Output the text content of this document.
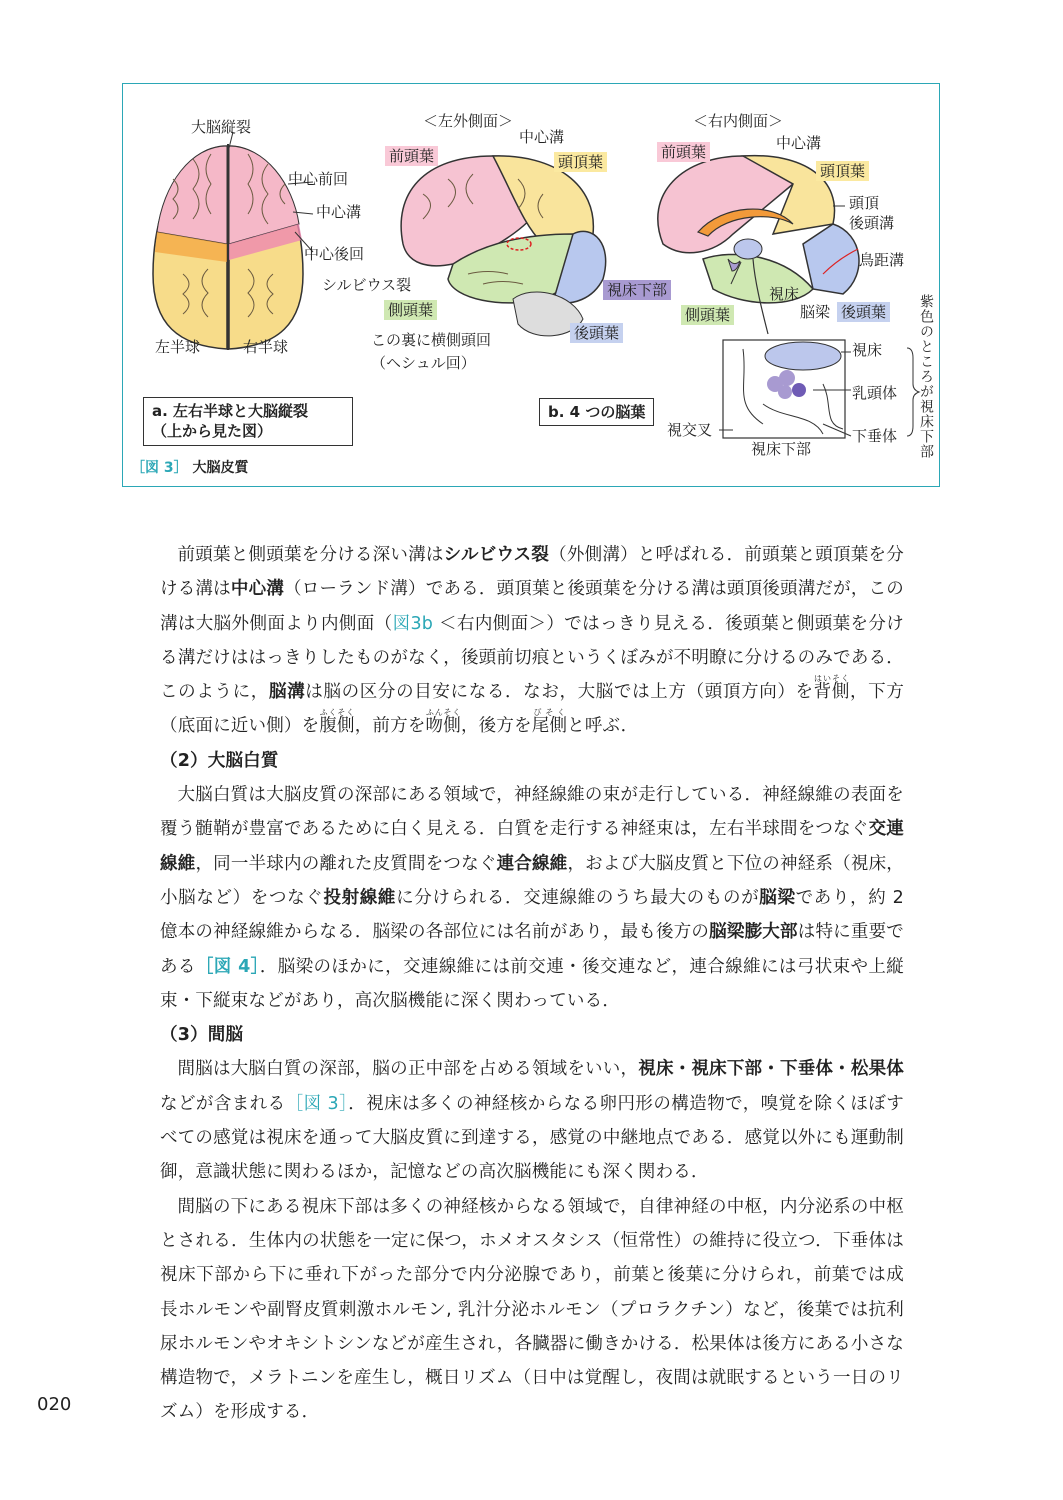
大脳縦裂
中心前回
中心溝
中心後回
左半球	右半球
a. 左右半球と大脳縦裂
（上から見た図）
＜左外側面＞
中心溝
前頭葉	頭頂葉
シルビウス裂
側頭葉
後頭葉
この裏に横側頭回
（ヘシュル回）
b. 4 つの脳葉
＜右内側面＞
前頭葉	中心溝
頭頂葉
頭頂
後頭溝
鳥距溝
視床下部	視床
側頭葉	脳梁 後頭葉
視床
乳頭体
下垂体
視交叉
視床下部	紫色のところが視床下部
［図 3］ 大脳皮質

前頭葉と側頭葉を分ける深い溝はシルビウス裂（外側溝）と呼ばれる．前頭葉と頭頂葉を分ける溝は中心溝（ローランド溝）である．頭頂葉と後頭葉を分ける溝は頭頂後頭溝だが，この溝は大脳外側面より内側面（図3b ＜右内側面＞）ではっきり見える．後頭葉と側頭葉を分ける溝だけははっきりしたものがなく，後頭前切痕というくぼみが不明瞭に分けるのみである．このように，脳溝は脳の区分の目安になる．なお，大脳では上方（頭頂方向）を背側はいそく，下方（底面に近い側）を腹側ふくそく，前方を吻側ふんそく，後方を尾側びそくと呼ぶ．

（2）大脳白質

大脳白質は大脳皮質の深部にある領域で，神経線維の束が走行している．神経線維の表面を覆う髄鞘が豊富であるために白く見える．白質を走行する神経束は，左右半球間をつなぐ交連線維，同一半球内の離れた皮質間をつなぐ連合線維，および大脳皮質と下位の神経系（視床，小脳など）をつなぐ投射線維に分けられる．交連線維のうち最大のものが脳梁であり，約 2 億本の神経線維からなる．脳梁の各部位には名前があり，最も後方の脳梁膨大部は特に重要である［図 4］．脳梁のほかに，交連線維には前交連・後交連など，連合線維には弓状束や上縦束・下縦束などがあり，高次脳機能に深く関わっている．

（3）間脳

間脳は大脳白質の深部，脳の正中部を占める領域をいい，視床・視床下部・下垂体・松果体などが含まれる［図 3］．視床は多くの神経核からなる卵円形の構造物で，嗅覚を除くほぼすべての感覚は視床を通って大脳皮質に到達する，感覚の中継地点である．感覚以外にも運動制御，意識状態に関わるほか，記憶などの高次脳機能にも深く関わる．

間脳の下にある視床下部は多くの神経核からなる領域で，自律神経の中枢，内分泌系の中枢とされる．生体内の状態を一定に保つ，ホメオスタシス（恒常性）の維持に役立つ．下垂体は視床下部から下に垂れ下がった部分で内分泌腺であり，前葉と後葉に分けられ，前葉では成長ホルモンや副腎皮質刺激ホルモン, 乳汁分泌ホルモン（プロラクチン）など，後葉では抗利尿ホルモンやオキシトシンなどが産生され，各臓器に働きかける．松果体は後方にある小さな構造物で，メラトニンを産生し，概日リズム（日中は覚醒し，夜間は就眠するという一日のリズム）を形成する．

020
